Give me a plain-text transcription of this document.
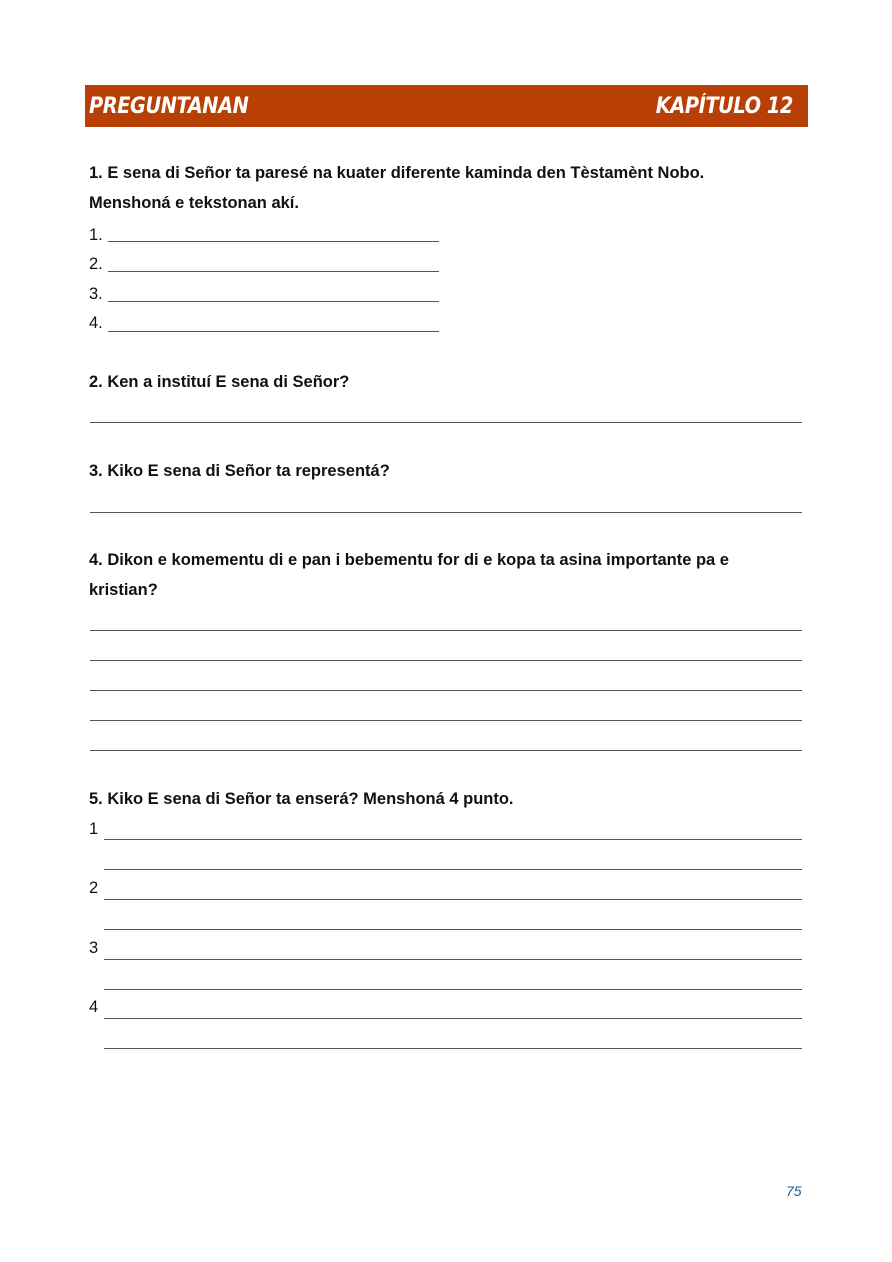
PREGUNTANAN	KAPÍTULO 12
1. E sena di Señor ta paresé na kuater diferente kaminda den Tèstamènt Nobo.
Menshoná e tekstonan akí.
1.
2.
3.
4.
2. Ken a instituí E sena di Señor?
3. Kiko E sena di Señor ta representá?
4. Dikon e komementu di e pan i bebementu for di e kopa ta asina importante pa e
kristian?
5. Kiko E sena di Señor ta enserá? Menshoná 4 punto.
1
2
3
4
75
